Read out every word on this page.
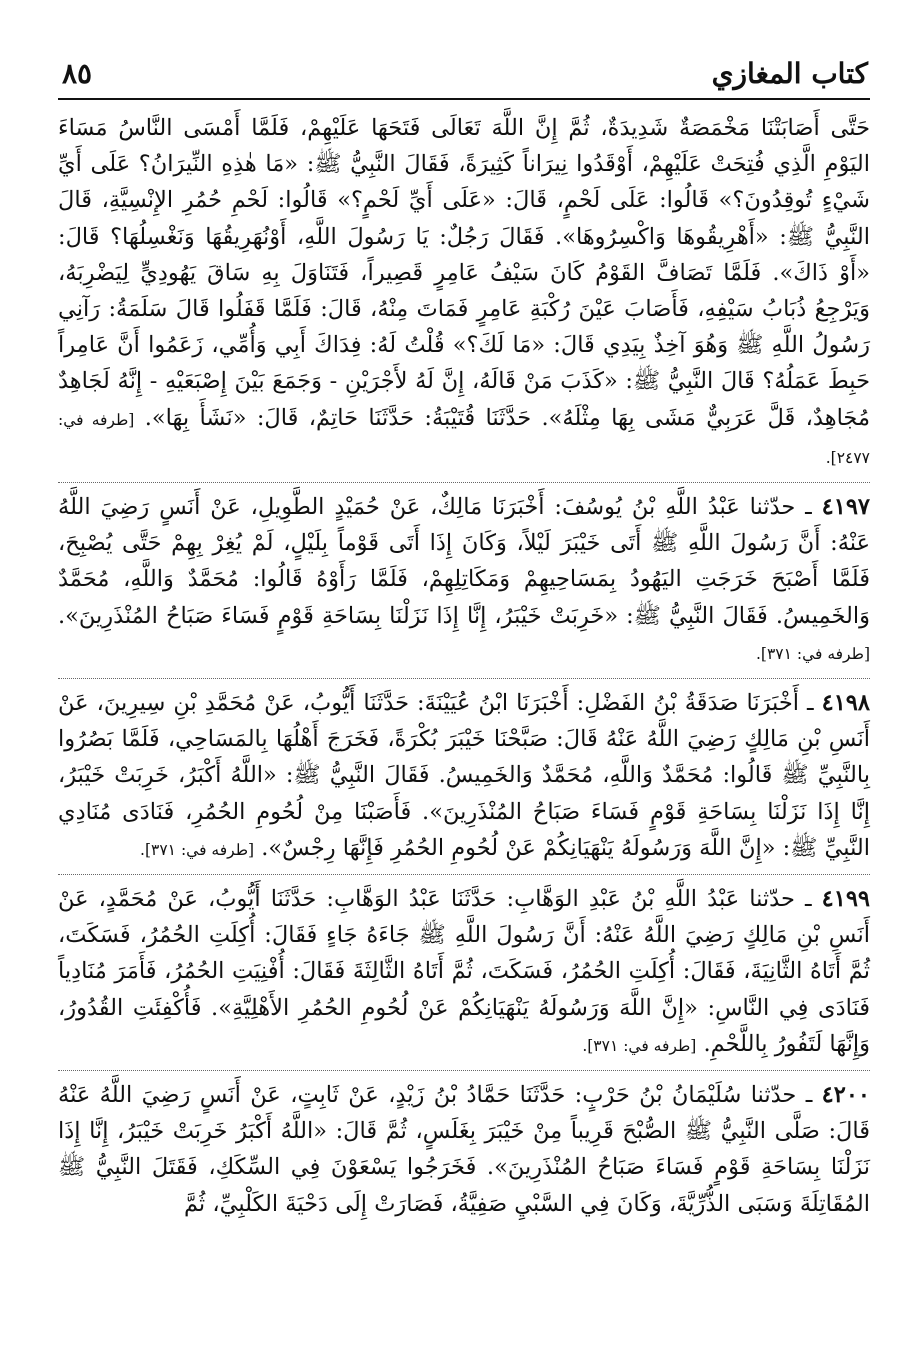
كتاب المغازي
٨٥

حَتَّى أَصَابَتْنَا مَخْمَصَةٌ شَدِيدَةٌ، ثُمَّ إِنَّ اللَّهَ تَعَالَى فَتَحَهَا عَلَيْهِمْ، فَلَمَّا أَمْسَى النَّاسُ مَسَاءَ اليَوْمِ الَّذِي فُتِحَتْ عَلَيْهِمْ، أَوْقَدُوا نِيرَاناً كَثِيرَةً، فَقَالَ النَّبِيُّ ﷺ: «مَا هٰذِهِ النِّيرَانُ؟ عَلَى أَيِّ شَيْءٍ تُوقِدُونَ؟» قَالُوا: عَلَى لَحْمٍ، قَالَ: «عَلَى أَيِّ لَحْمٍ؟» قَالُوا: لَحْمِ حُمُرِ الإِنْسِيَّةِ، قَالَ النَّبِيُّ ﷺ: «أَهْرِيقُوهَا وَاكْسِرُوهَا». فَقَالَ رَجُلٌ: يَا رَسُولَ اللَّهِ، أَوْنُهَرِيقُهَا وَنَغْسِلُهَا؟ قَالَ: «أَوْ ذَاكَ». فَلَمَّا تَصَافَّ القَوْمُ كَانَ سَيْفُ عَامِرٍ قَصِيراً، فَتَنَاوَلَ بِهِ سَاقَ يَهُودِيٍّ لِيَضْرِبَهُ، وَيَرْجِعُ ذُبَابُ سَيْفِهِ، فَأَصَابَ عَيْنَ رُكْبَةِ عَامِرٍ فَمَاتَ مِنْهُ، قَالَ: فَلَمَّا قَفَلُوا قَالَ سَلَمَةُ: رَآنِي رَسُولُ اللَّهِ ﷺ وَهُوَ آخِذٌ بِيَدِي قَالَ: «مَا لَكَ؟» قُلْتُ لَهُ: فِدَاكَ أَبِي وَأُمِّي، زَعَمُوا أَنَّ عَامِراً حَبِطَ عَمَلُهُ؟ قَالَ النَّبِيُّ ﷺ: «كَذَبَ مَنْ قَالَهُ، إِنَّ لَهُ لأَجْرَيْنِ - وَجَمَعَ بَيْنَ إِصْبَعَيْهِ - إِنَّهُ لَجَاهِدٌ مُجَاهِدٌ، قَلَّ عَرَبِيٌّ مَشَى بِهَا مِثْلَهُ». حَدَّثَنَا قُتَيْبَةُ: حَدَّثَنَا حَاتِمٌ، قَالَ: «نَشَأَ بِهَا». [طرفه في: ٢٤٧٧].

٤١٩٧ ـ حدّثنا عَبْدُ اللَّهِ بْنُ يُوسُفَ: أَخْبَرَنَا مَالِكٌ، عَنْ حُمَيْدٍ الطَّوِيلِ، عَنْ أَنَسٍ رَضِيَ اللَّهُ عَنْهُ: أَنَّ رَسُولَ اللَّهِ ﷺ أَتَى خَيْبَرَ لَيْلاً، وَكَانَ إِذَا أَتَى قَوْماً بِلَيْلٍ، لَمْ يُغِرْ بِهِمْ حَتَّى يُصْبِحَ، فَلَمَّا أَصْبَحَ خَرَجَتِ اليَهُودُ بِمَسَاحِيهِمْ وَمَكَاتِلِهِمْ، فَلَمَّا رَأَوْهُ قَالُوا: مُحَمَّدٌ وَاللَّهِ، مُحَمَّدٌ وَالخَمِيسُ. فَقَالَ النَّبِيُّ ﷺ: «خَرِبَتْ خَيْبَرُ، إِنَّا إِذَا نَزَلْنَا بِسَاحَةِ قَوْمٍ فَسَاءَ صَبَاحُ المُنْذَرِينَ». [طرفه في: ٣٧١].

٤١٩٨ ـ أَخْبَرَنَا صَدَقَةُ بْنُ الفَضْلِ: أَخْبَرَنَا ابْنُ عُيَيْنَةَ: حَدَّثَنَا أَيُّوبُ، عَنْ مُحَمَّدِ بْنِ سِيرِينَ، عَنْ أَنَسِ بْنِ مَالِكٍ رَضِيَ اللَّهُ عَنْهُ قَالَ: صَبَّحْنَا خَيْبَرَ بُكْرَةً، فَخَرَجَ أَهْلُهَا بِالمَسَاحِي، فَلَمَّا بَصُرُوا بِالنَّبِيِّ ﷺ قَالُوا: مُحَمَّدٌ وَاللَّهِ، مُحَمَّدٌ وَالخَمِيسُ. فَقَالَ النَّبِيُّ ﷺ: «اللَّهُ أَكْبَرُ، خَرِبَتْ خَيْبَرُ، إِنَّا إِذَا نَزَلْنَا بِسَاحَةِ قَوْمٍ فَسَاءَ صَبَاحُ المُنْذَرِينَ». فَأَصَبْنَا مِنْ لُحُومِ الحُمُرِ، فَنَادَى مُنَادِي النَّبِيِّ ﷺ: «إِنَّ اللَّهَ وَرَسُولَهُ يَنْهَيَانِكُمْ عَنْ لُحُومِ الحُمُرِ فَإِنَّهَا رِجْسٌ». [طرفه في: ٣٧١].

٤١٩٩ ـ حدّثنا عَبْدُ اللَّهِ بْنُ عَبْدِ الوَهَّابِ: حَدَّثَنَا عَبْدُ الوَهَّابِ: حَدَّثَنَا أَيُّوبُ، عَنْ مُحَمَّدٍ، عَنْ أَنَسِ بْنِ مَالِكٍ رَضِيَ اللَّهُ عَنْهُ: أَنَّ رَسُولَ اللَّهِ ﷺ جَاءَهُ جَاءٍ فَقَالَ: أُكِلَتِ الحُمُرُ، فَسَكَتَ، ثُمَّ أَتَاهُ الثَّانِيَةَ، فَقَالَ: أُكِلَتِ الحُمُرُ، فَسَكَتَ، ثُمَّ أَتَاهُ الثَّالِثَةَ فَقَالَ: أُفْنِيَتِ الحُمُرُ، فَأَمَرَ مُنَادِياً فَنَادَى فِي النَّاسِ: «إِنَّ اللَّهَ وَرَسُولَهُ يَنْهَيَانِكُمْ عَنْ لُحُومِ الحُمُرِ الأَهْلِيَّةِ». فَأُكْفِئَتِ القُدُورُ، وَإِنَّهَا لَتَفُورُ بِاللَّحْمِ. [طرفه في: ٣٧١].

٤٢٠٠ ـ حدّثنا سُلَيْمَانُ بْنُ حَرْبٍ: حَدَّثَنَا حَمَّادُ بْنُ زَيْدٍ، عَنْ ثَابِتٍ، عَنْ أَنَسٍ رَضِيَ اللَّهُ عَنْهُ قَالَ: صَلَّى النَّبِيُّ ﷺ الصُّبْحَ قَرِيباً مِنْ خَيْبَرَ بِغَلَسٍ، ثُمَّ قَالَ: «اللَّهُ أَكْبَرُ خَرِبَتْ خَيْبَرُ، إِنَّا إِذَا نَزَلْنَا بِسَاحَةِ قَوْمٍ فَسَاءَ صَبَاحُ المُنْذَرِينَ». فَخَرَجُوا يَسْعَوْنَ فِي السِّكَكِ، فَقَتَلَ النَّبِيُّ ﷺ المُقَاتِلَةَ وَسَبَى الذُّرِّيَّةَ، وَكَانَ فِي السَّبْيِ صَفِيَّةُ، فَصَارَتْ إِلَى دَحْيَةَ الكَلْبِيِّ، ثُمَّ
